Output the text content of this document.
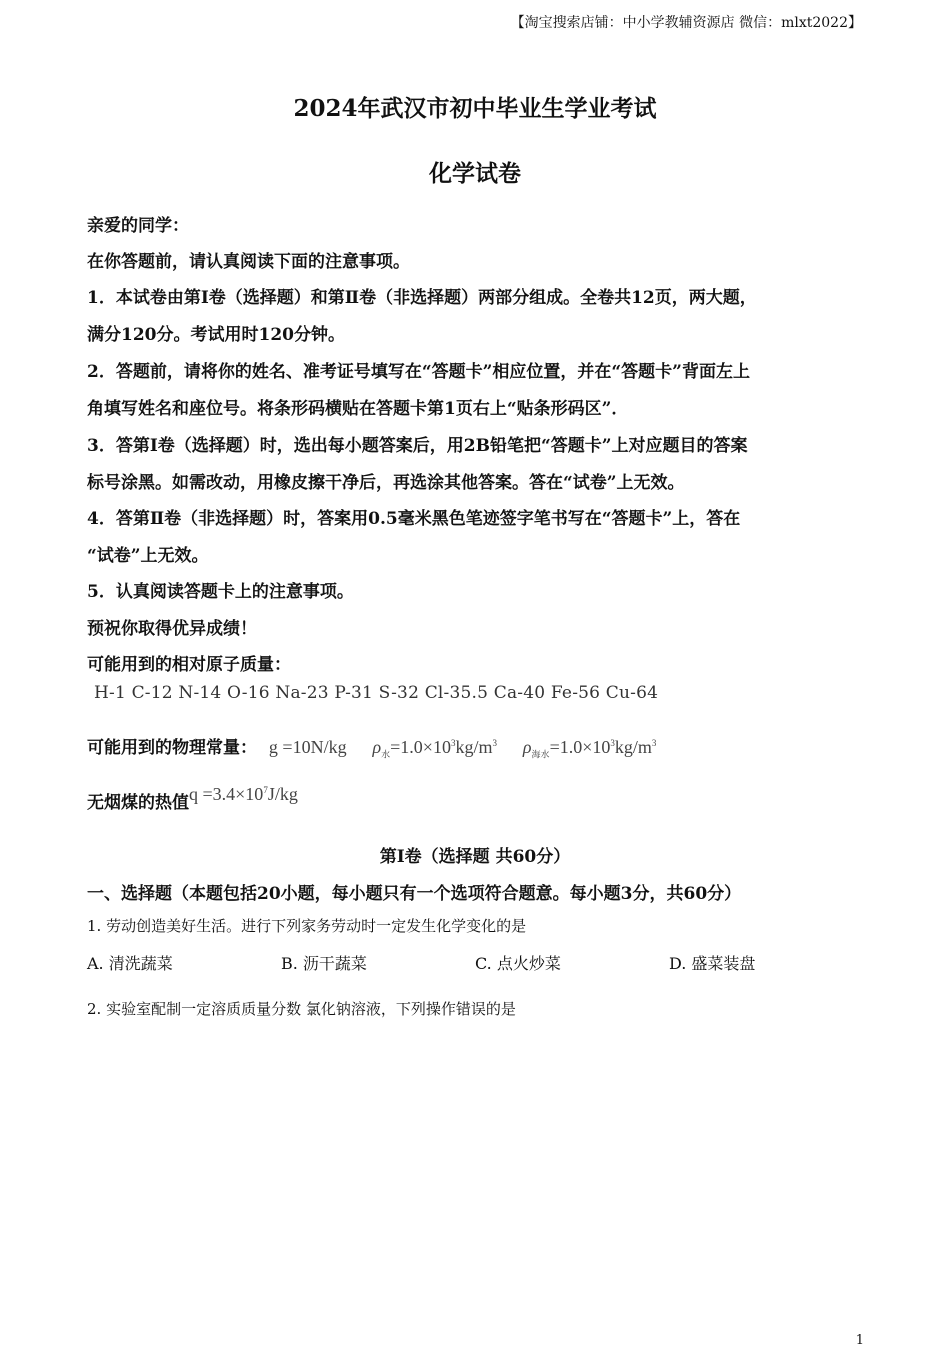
【淘宝搜索店铺：中小学教辅资源店 微信：mlxt2022】
2024年武汉市初中毕业生学业考试
化学试卷
亲爱的同学：
在你答题前，请认真阅读下面的注意事项。
1．本试卷由第I卷（选择题）和第Ⅱ卷（非选择题）两部分组成。全卷共12页，两大题，
满分120分。考试用时120分钟。
2．答题前，请将你的姓名、准考证号填写在“答题卡”相应位置，并在“答题卡”背面左上
角填写姓名和座位号。将条形码横贴在答题卡第1页右上“贴条形码区”．
3．答第I卷（选择题）时，选出每小题答案后，用2B铅笔把“答题卡”上对应题目的答案
标号涂黑。如需改动，用橡皮擦干净后，再选涂其他答案。答在“试卷”上无效。
4．答第Ⅱ卷（非选择题）时，答案用0.5毫米黑色笔迹签字笔书写在“答题卡”上，答在
“试卷”上无效。
5．认真阅读答题卡上的注意事项。
预祝你取得优异成绩！
可能用到的相对原子质量：
H-1 C-12 N-14 O-16 Na-23 P-31 S-32 Cl-35.5 Ca-40 Fe-56 Cu-64
可能用到的物理常量： g =10N/kg $\rho_水=1.0\times 10^3kg/m^3$ $\rho_{海水}=1.0\times 10^3kg/m^3$
无烟煤的热值$q =3.4\times 10^7J/kg$
第I卷（选择题 共60分）
一、选择题（本题包括20小题，每小题只有一个选项符合题意。每小题3分，共60分）
1. 劳动创造美好生活。进行下列家务劳动时一定发生化学变化的是
A. 清洗蔬菜	B. 沥干蔬菜	C. 点火炒菜	D. 盛菜装盘
2. 实验室配制一定溶质质量分数 氯化钠溶液，下列操作错误的是
1
